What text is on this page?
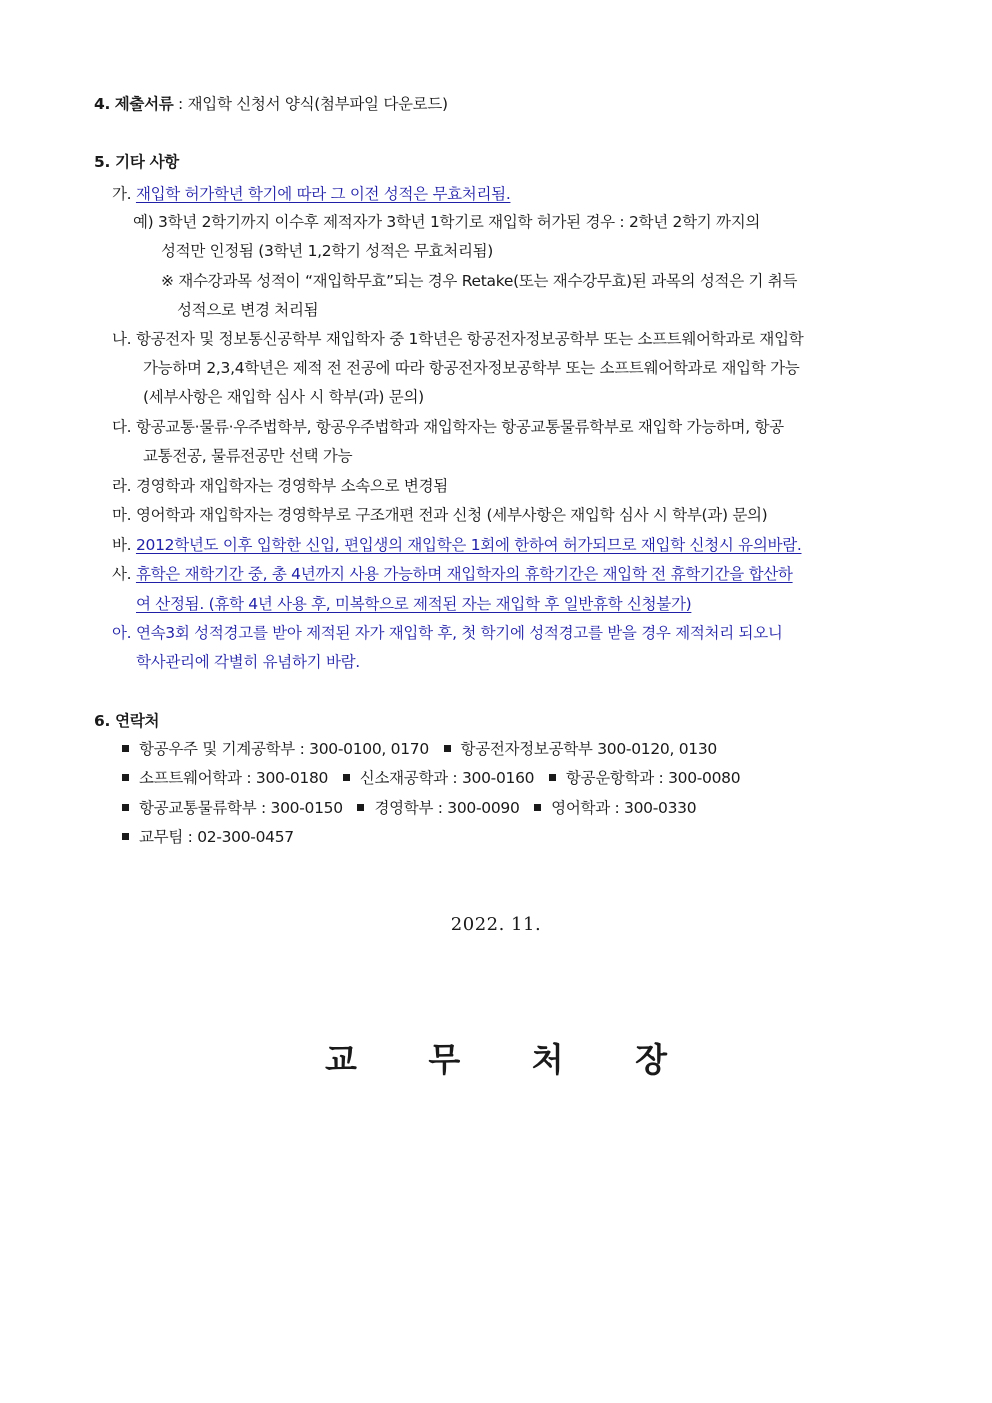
4. 제출서류 : 재입학 신청서 양식(첨부파일 다운로드)
5. 기타 사항
가. 재입학 허가학년 학기에 따라 그 이전 성적은 무효처리됨.
예) 3학년 2학기까지 이수후 제적자가 3학년 1학기로 재입학 허가된 경우 : 2학년 2학기 까지의
성적만 인정됨 (3학년 1,2학기 성적은 무효처리됨)
※ 재수강과목 성적이 “재입학무효”되는 경우 Retake(또는 재수강무효)된 과목의 성적은 기 취득
성적으로 변경 처리됨
나. 항공전자 및 정보통신공학부 재입학자 중 1학년은 항공전자정보공학부 또는 소프트웨어학과로 재입학
가능하며 2,3,4학년은 제적 전 전공에 따라 항공전자정보공학부 또는 소프트웨어학과로 재입학 가능
(세부사항은 재입학 심사 시 학부(과) 문의)
다. 항공교통·물류·우주법학부, 항공우주법학과 재입학자는 항공교통물류학부로 재입학 가능하며, 항공
교통전공, 물류전공만 선택 가능
라. 경영학과 재입학자는 경영학부 소속으로 변경됨
마. 영어학과 재입학자는 경영학부로 구조개편 전과 신청 (세부사항은 재입학 심사 시 학부(과) 문의)
바. 2012학년도 이후 입학한 신입, 편입생의 재입학은 1회에 한하여 허가되므로 재입학 신청시 유의바람.
사. 휴학은 재학기간 중, 총 4년까지 사용 가능하며 재입학자의 휴학기간은 재입학 전 휴학기간을 합산하
여 산정됨. (휴학 4년 사용 후, 미복학으로 제적된 자는 재입학 후 일반휴학 신청불가)
아. 연속3회 성적경고를 받아 제적된 자가 재입학 후, 첫 학기에 성적경고를 받을 경우 제적처리 되오니
학사관리에 각별히 유념하기 바람.
6. 연락처
항공우주 및 기계공학부 : 300-0100, 0170 항공전자정보공학부 300-0120, 0130
소프트웨어학과 : 300-0180 신소재공학과 : 300-0160 항공운항학과 : 300-0080
항공교통물류학부 : 300-0150 경영학부 : 300-0090 영어학과 : 300-0330
교무팀 : 02-300-0457
2022. 11.
교 무 처 장
